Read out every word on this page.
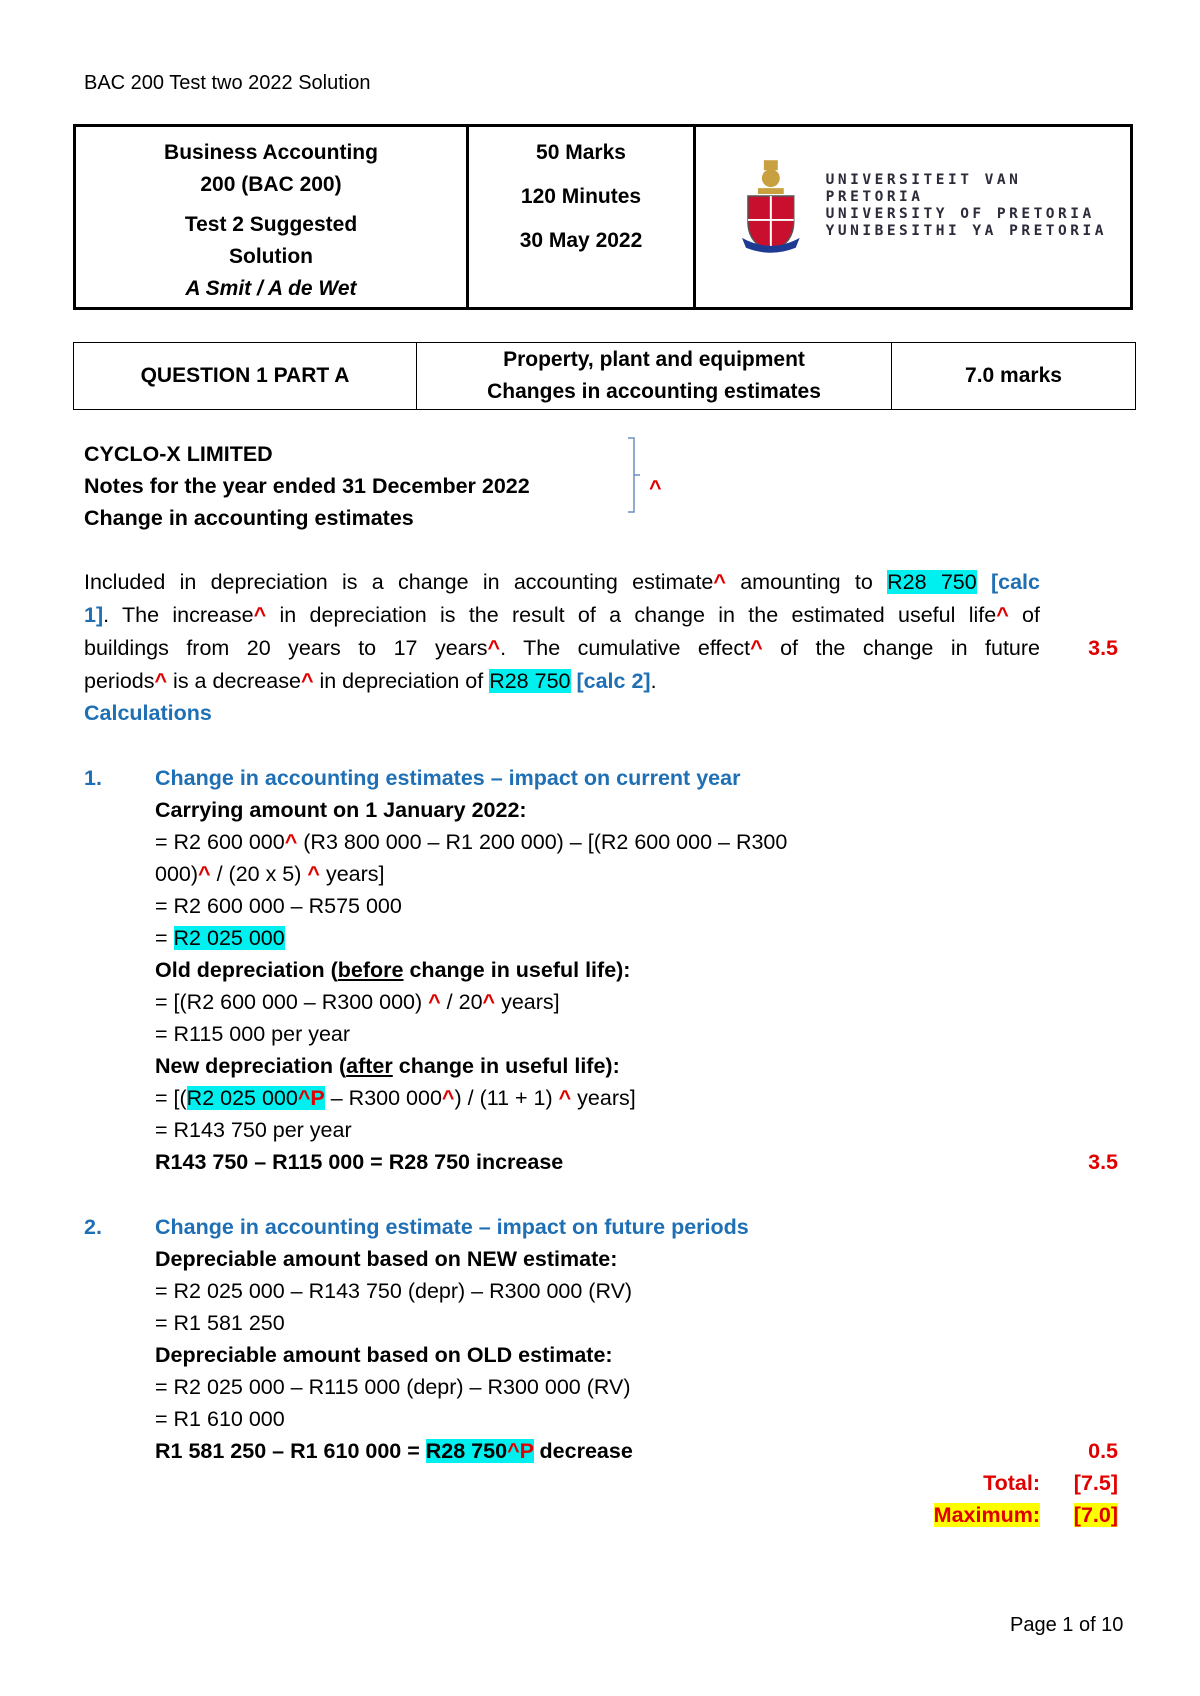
BAC 200 Test two 2022 Solution
Business Accounting
200 (BAC 200)
Test 2 Suggested
Solution
A Smit / A de Wet

50 Marks
120 Minutes
30 May 2022

UNIVERSITEIT VAN PRETORIA
UNIVERSITY OF PRETORIA
YUNIBESITHI YA PRETORIA
QUESTION 1 PART A	
Property, plant and equipment
Changes in accounting estimates
	7.0 marks
CYCLO-X LIMITED
Notes for the year ended 31 December 2022
Change in accounting estimates
^
Included in depreciation is a change in accounting estimate^ amounting to R28 750 [calc
1]. The increase^ in depreciation is the result of a change in the estimated useful life^ of
buildings from 20 years to 17 years^. The cumulative effect^ of the change in future
periods^ is a decrease^ in depreciation of R28 750 [calc 2].
3.5
Calculations
1. Change in accounting estimates – impact on current year
Carrying amount on 1 January 2022:
= R2 600 000^ (R3 800 000 – R1 200 000) – [(R2 600 000 – R300
000)^ / (20 x 5) ^ years]
= R2 600 000 – R575 000
= R2 025 000
Old depreciation (before change in useful life):
= [(R2 600 000 – R300 000) ^ / 20^ years]
= R115 000 per year
New depreciation (after change in useful life):
= [(R2 025 000^P – R300 000^) / (11 + 1) ^ years]
= R143 750 per year
R143 750 – R115 000 = R28 750 increase	3.5
2. Change in accounting estimate – impact on future periods
Depreciable amount based on NEW estimate:
= R2 025 000 – R143 750 (depr) – R300 000 (RV)
= R1 581 250
Depreciable amount based on OLD estimate:
= R2 025 000 – R115 000 (depr) – R300 000 (RV)
= R1 610 000
R1 581 250 – R1 610 000 = R28 750^P decrease	0.5
Total: [7.5]
Maximum: [7.0]
Page 1 of 10
